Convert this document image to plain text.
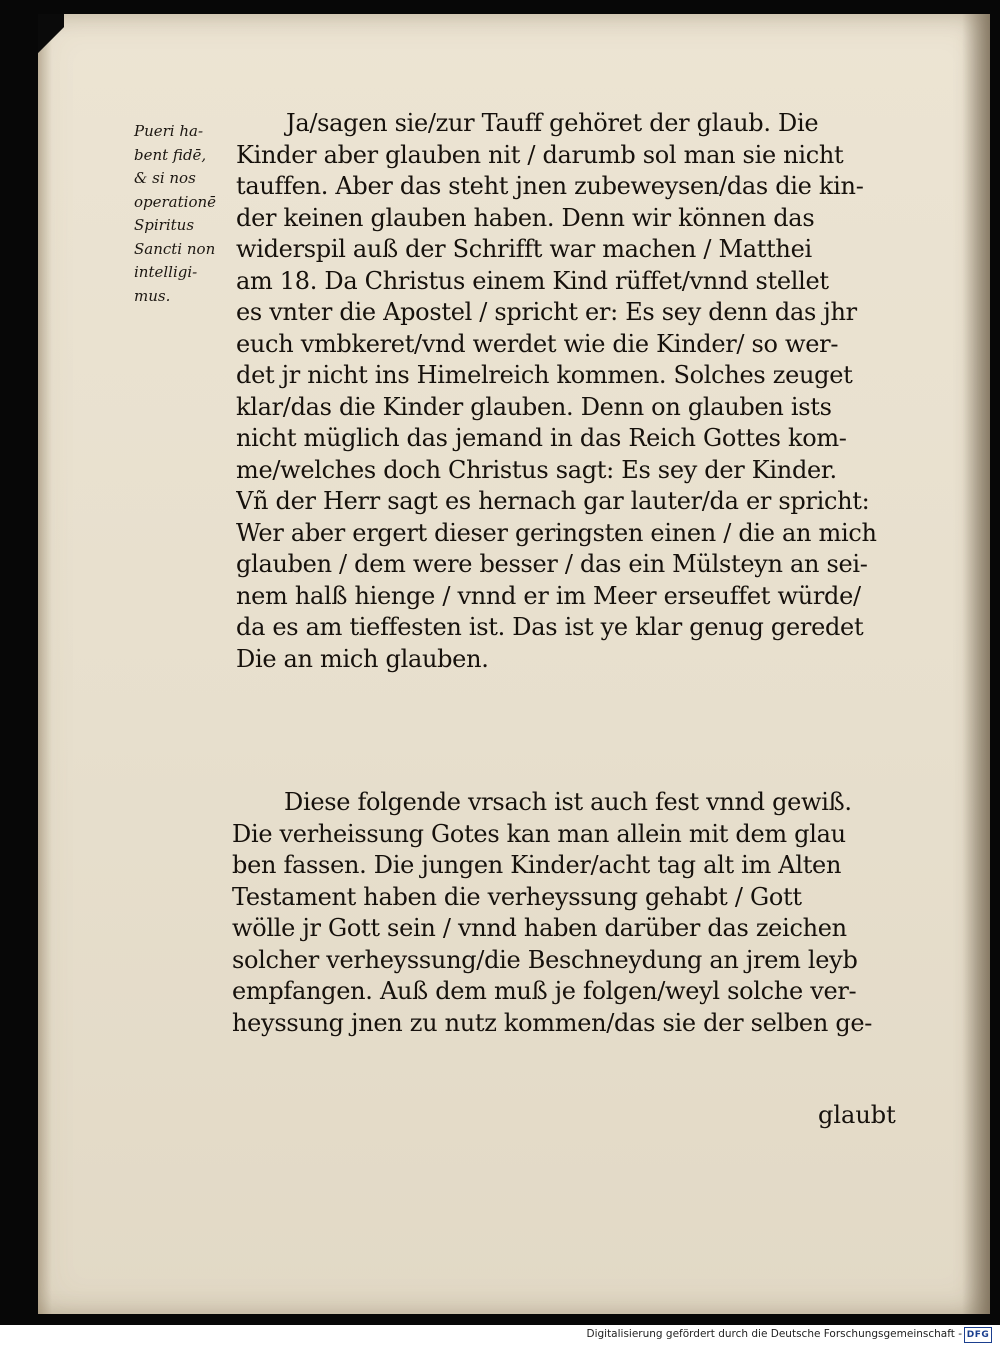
Pueri ha-
bent fidē,
& si nos
operationē
Spiritus
Sancti non
intelligi-
mus.
Ja/sagen sie/zur Tauff gehöret der glaub. Die
Kinder aber glauben nit / darumb sol man sie nicht
tauffen. Aber das steht jnen zubeweysen/das die kin-
der keinen glauben haben. Denn wir können das
widerspil auß der Schrifft war machen / Matthei
am 18. Da Christus einem Kind rüffet/vnnd stellet
es vnter die Apostel / spricht er: Es sey denn das jhr
euch vmbkeret/vnd werdet wie die Kinder/ so wer-
det jr nicht ins Himelreich kommen. Solches zeuget
klar/das die Kinder glauben. Denn on glauben ists
nicht müglich das jemand in das Reich Gottes kom-
me/welches doch Christus sagt: Es sey der Kinder.
Vñ der Herr sagt es hernach gar lauter/da er spricht:
Wer aber ergert dieser geringsten einen / die an mich
glauben / dem were besser / das ein Mülsteyn an sei-
nem halß hienge / vnnd er im Meer erseuffet würde/
da es am tieffesten ist. Das ist ye klar genug geredet
Die an mich glauben.
Diese folgende vrsach ist auch fest vnnd gewiß.
Die verheissung Gotes kan man allein mit dem glau
ben fassen. Die jungen Kinder/acht tag alt im Alten
Testament haben die verheyssung gehabt / Gott
wölle jr Gott sein / vnnd haben darüber das zeichen
solcher verheyssung/die Beschneydung an jrem leyb
empfangen. Auß dem muß je folgen/weyl solche ver-
heyssung jnen zu nutz kommen/das sie der selben ge-
glaubt
Digitalisierung gefördert durch die Deutsche Forschungsgemeinschaft - DFG
